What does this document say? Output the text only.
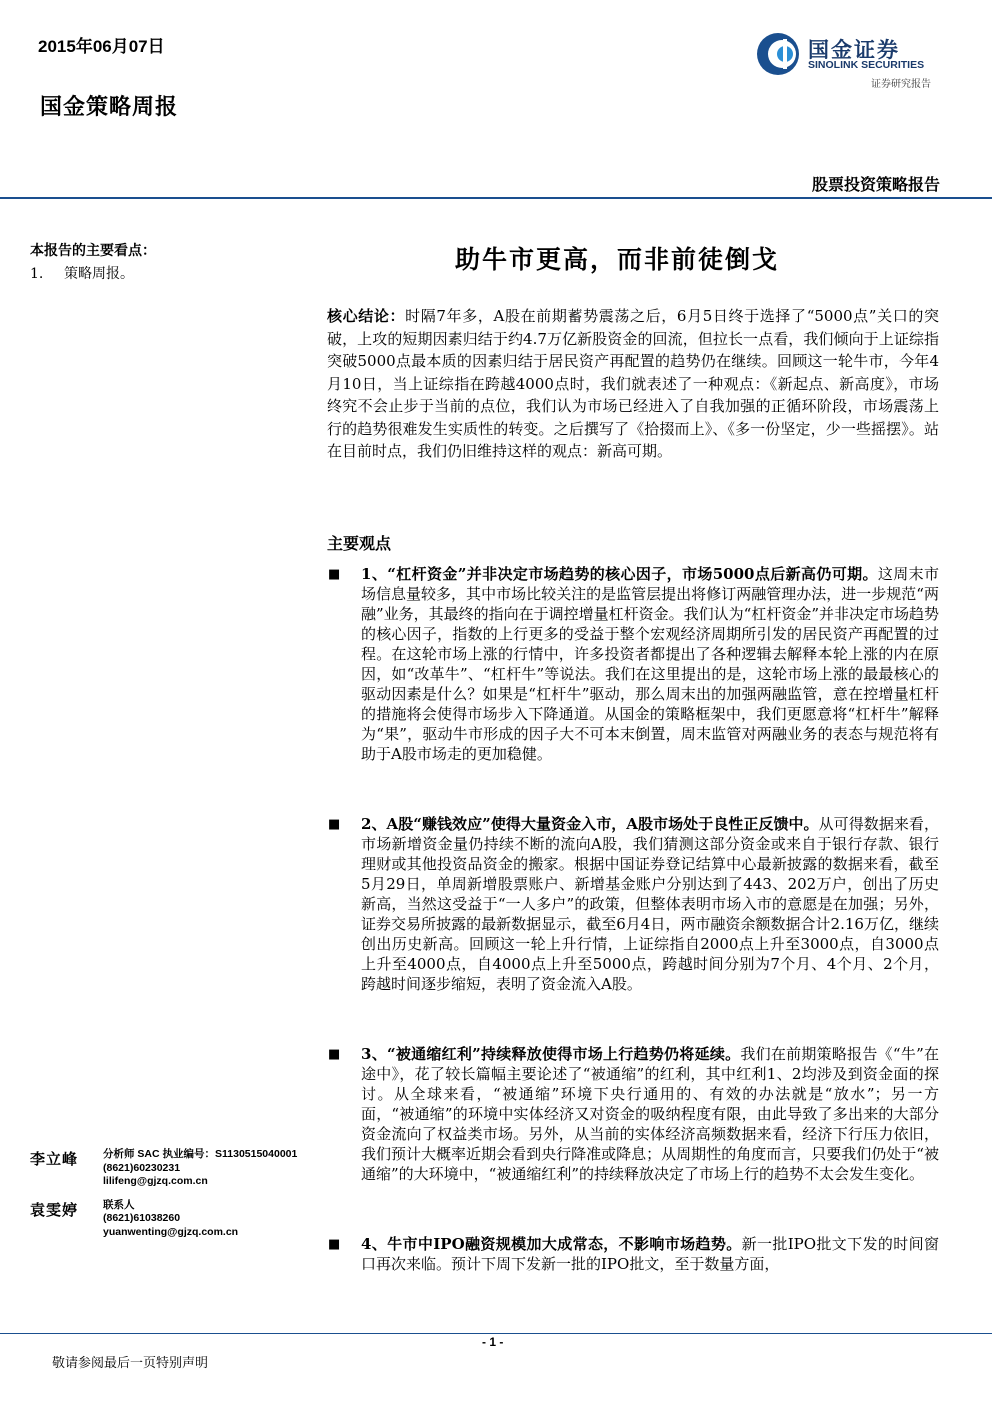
2015年06月07日
国金策略周报
国金证券
SINOLINK SECURITIES
证券研究报告
股票投资策略报告
本报告的主要看点：
1. 策略周报。	助牛市更高，而非前徒倒戈
核心结论：时隔7年多，A股在前期蓄势震荡之后，6月5日终于选择了“5000点”关口的突破，上攻的短期因素归结于约4.7万亿新股资金的回流，但拉长一点看，我们倾向于上证综指突破5000点最本质的因素归结于居民资产再配置的趋势仍在继续。回顾这一轮牛市，今年4月10日，当上证综指在跨越4000点时，我们就表述了一种观点：《新起点、新高度》，市场终究不会止步于当前的点位，我们认为市场已经进入了自我加强的正循环阶段，市场震荡上行的趋势很难发生实质性的转变。之后撰写了《拾掇而上》、《多一份坚定，少一些摇摆》。站在目前时点，我们仍旧维持这样的观点：新高可期。
主要观点
■ 1、“杠杆资金”并非决定市场趋势的核心因子，市场5000点后新高仍可期。这周末市场信息量较多，其中市场比较关注的是监管层提出将修订两融管理办法，进一步规范“两融”业务，其最终的指向在于调控增量杠杆资金。我们认为“杠杆资金”并非决定市场趋势的核心因子，指数的上行更多的受益于整个宏观经济周期所引发的居民资产再配置的过程。在这轮市场上涨的行情中，许多投资者都提出了各种逻辑去解释本轮上涨的内在原因，如“改革牛”、“杠杆牛”等说法。我们在这里提出的是，这轮市场上涨的最最核心的驱动因素是什么？如果是“杠杆牛”驱动，那么周末出的加强两融监管，意在控增量杠杆的措施将会使得市场步入下降通道。从国金的策略框架中，我们更愿意将“杠杆牛”解释为“果”，驱动牛市形成的因子大不可本末倒置，周末监管对两融业务的表态与规范将有助于A股市场走的更加稳健。
■ 2、A股“赚钱效应”使得大量资金入市，A股市场处于良性正反馈中。从可得数据来看，市场新增资金量仍持续不断的流向A股，我们猜测这部分资金或来自于银行存款、银行理财或其他投资品资金的搬家。根据中国证券登记结算中心最新披露的数据来看，截至5月29日，单周新增股票账户、新增基金账户分别达到了443、202万户，创出了历史新高，当然这受益于“一人多户”的政策，但整体表明市场入市的意愿是在加强；另外，证券交易所披露的最新数据显示，截至6月4日，两市融资余额数据合计2.16万亿，继续创出历史新高。回顾这一轮上升行情，上证综指自2000点上升至3000点，自3000点上升至4000点，自4000点上升至5000点，跨越时间分别为7个月、4个月、2个月，跨越时间逐步缩短，表明了资金流入A股。
■ 3、“被通缩红利”持续释放使得市场上行趋势仍将延续。我们在前期策略报告《“牛”在途中》，花了较长篇幅主要论述了“被通缩”的红利，其中红利1、2均涉及到资金面的探讨。从全球来看，“被通缩”环境下央行通用的、有效的办法就是“放水”；另一方面，“被通缩”的环境中实体经济又对资金的吸纳程度有限，由此导致了多出来的大部分资金流向了权益类市场。另外，从当前的实体经济高频数据来看，经济下行压力依旧，我们预计大概率近期会看到央行降准或降息；从周期性的角度而言，只要我们仍处于“被通缩”的大环境中，“被通缩红利”的持续释放决定了市场上行的趋势不太会发生变化。
■ 4、牛市中IPO融资规模加大成常态，不影响市场趋势。新一批IPO批文下发的时间窗口再次来临。预计下周下发新一批的IPO批文，至于数量方面，
李立峰 分析师 SAC 执业编号：S1130515040001
(8621)60230231
lilifeng@gjzq.com.cn
袁雯婷 联系人
(8621)61038260
yuanwenting@gjzq.com.cn
- 1 -
敬请参阅最后一页特别声明
